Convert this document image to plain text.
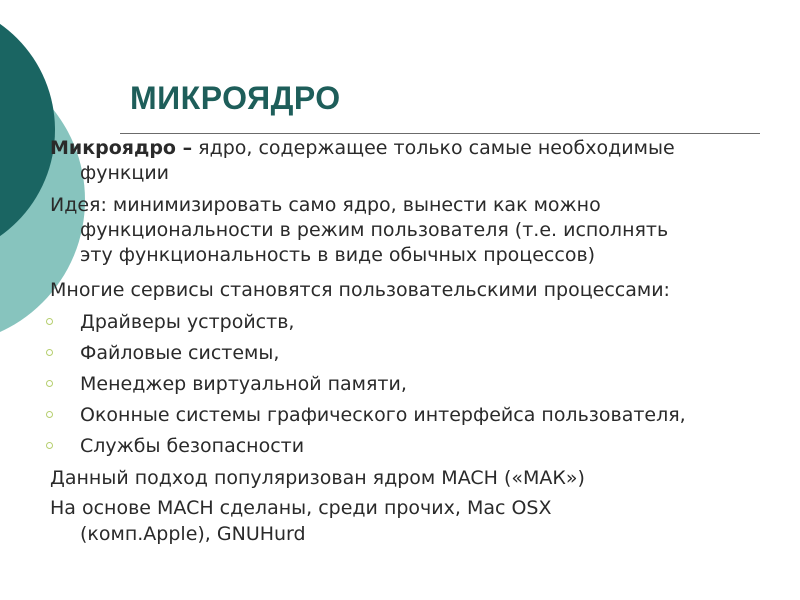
МИКРОЯДРО
Микроядро – ядро, содержащее только самые необходимые
функции
Идея: минимизировать само ядро, вынести как можно
функциональности в режим пользователя (т.е. исполнять
эту функциональность в виде обычных процессов)
Многие сервисы становятся пользовательскими процессами:
Драйверы устройств,
Файловые системы,
Менеджер виртуальной памяти,
Оконные системы графического интерфейса пользователя,
Службы безопасности
Данный подход популяризован ядром MACH («МАК»)
На основе MACH сделаны, среди прочих, Mac OSX
(комп.Apple), GNUHurd
